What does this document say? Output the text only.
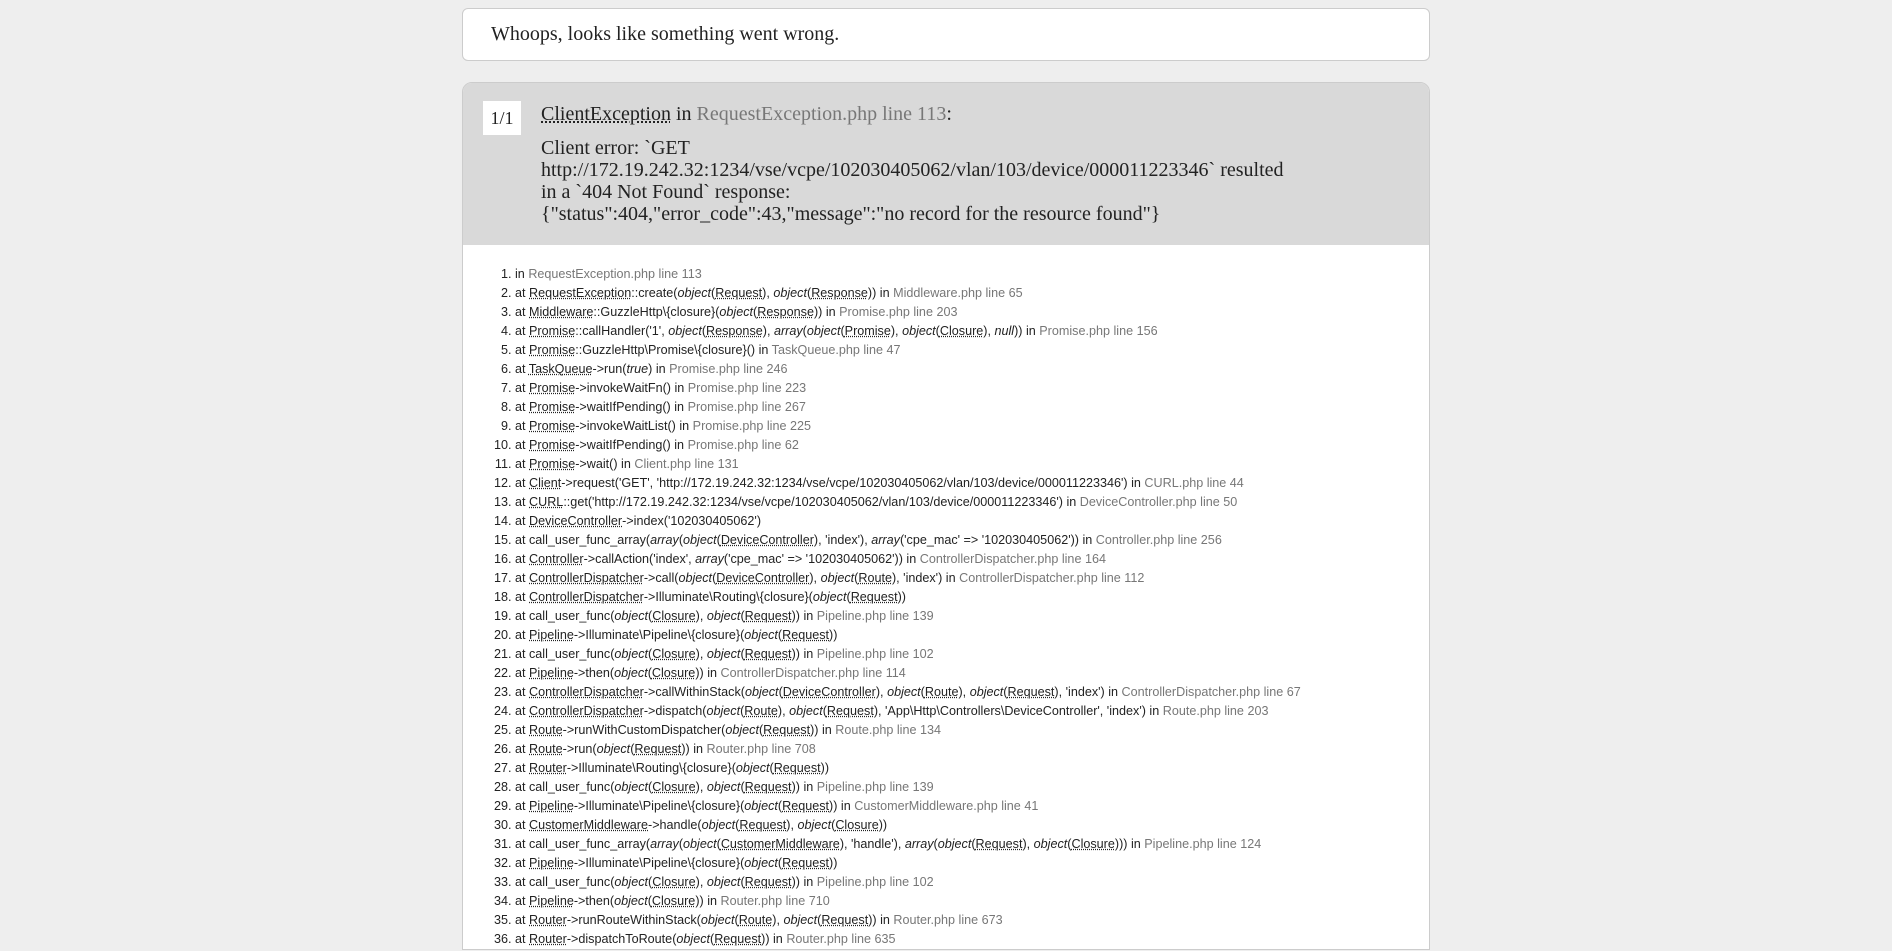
Whoops, looks like something went wrong.
1/1	ClientException in RequestException.php line 113:
Client error: `GET
http://172.19.242.32:1234/vse/vcpe/102030405062/vlan/103/device/000011223346` resulted
in a `404 Not Found` response:
{"status":404,"error_code":43,"message":"no record for the resource found"}
1. in RequestException.php line 113
2. at RequestException::create(object(Request), object(Response)) in Middleware.php line 65
3. at Middleware::GuzzleHttp\{closure}(object(Response)) in Promise.php line 203
4. at Promise::callHandler('1', object(Response), array(object(Promise), object(Closure), null)) in Promise.php line 156
5. at Promise::GuzzleHttp\Promise\{closure}() in TaskQueue.php line 47
6. at TaskQueue->run(true) in Promise.php line 246
7. at Promise->invokeWaitFn() in Promise.php line 223
8. at Promise->waitIfPending() in Promise.php line 267
9. at Promise->invokeWaitList() in Promise.php line 225
10. at Promise->waitIfPending() in Promise.php line 62
11. at Promise->wait() in Client.php line 131
12. at Client->request('GET', 'http://172.19.242.32:1234/vse/vcpe/102030405062/vlan/103/device/000011223346') in CURL.php line 44
13. at CURL::get('http://172.19.242.32:1234/vse/vcpe/102030405062/vlan/103/device/000011223346') in DeviceController.php line 50
14. at DeviceController->index('102030405062')
15. at call_user_func_array(array(object(DeviceController), 'index'), array('cpe_mac' => '102030405062')) in Controller.php line 256
16. at Controller->callAction('index', array('cpe_mac' => '102030405062')) in ControllerDispatcher.php line 164
17. at ControllerDispatcher->call(object(DeviceController), object(Route), 'index') in ControllerDispatcher.php line 112
18. at ControllerDispatcher->Illuminate\Routing\{closure}(object(Request))
19. at call_user_func(object(Closure), object(Request)) in Pipeline.php line 139
20. at Pipeline->Illuminate\Pipeline\{closure}(object(Request))
21. at call_user_func(object(Closure), object(Request)) in Pipeline.php line 102
22. at Pipeline->then(object(Closure)) in ControllerDispatcher.php line 114
23. at ControllerDispatcher->callWithinStack(object(DeviceController), object(Route), object(Request), 'index') in ControllerDispatcher.php line 67
24. at ControllerDispatcher->dispatch(object(Route), object(Request), 'App\Http\Controllers\DeviceController', 'index') in Route.php line 203
25. at Route->runWithCustomDispatcher(object(Request)) in Route.php line 134
26. at Route->run(object(Request)) in Router.php line 708
27. at Router->Illuminate\Routing\{closure}(object(Request))
28. at call_user_func(object(Closure), object(Request)) in Pipeline.php line 139
29. at Pipeline->Illuminate\Pipeline\{closure}(object(Request)) in CustomerMiddleware.php line 41
30. at CustomerMiddleware->handle(object(Request), object(Closure))
31. at call_user_func_array(array(object(CustomerMiddleware), 'handle'), array(object(Request), object(Closure))) in Pipeline.php line 124
32. at Pipeline->Illuminate\Pipeline\{closure}(object(Request))
33. at call_user_func(object(Closure), object(Request)) in Pipeline.php line 102
34. at Pipeline->then(object(Closure)) in Router.php line 710
35. at Router->runRouteWithinStack(object(Route), object(Request)) in Router.php line 673
36. at Router->dispatchToRoute(object(Request)) in Router.php line 635
